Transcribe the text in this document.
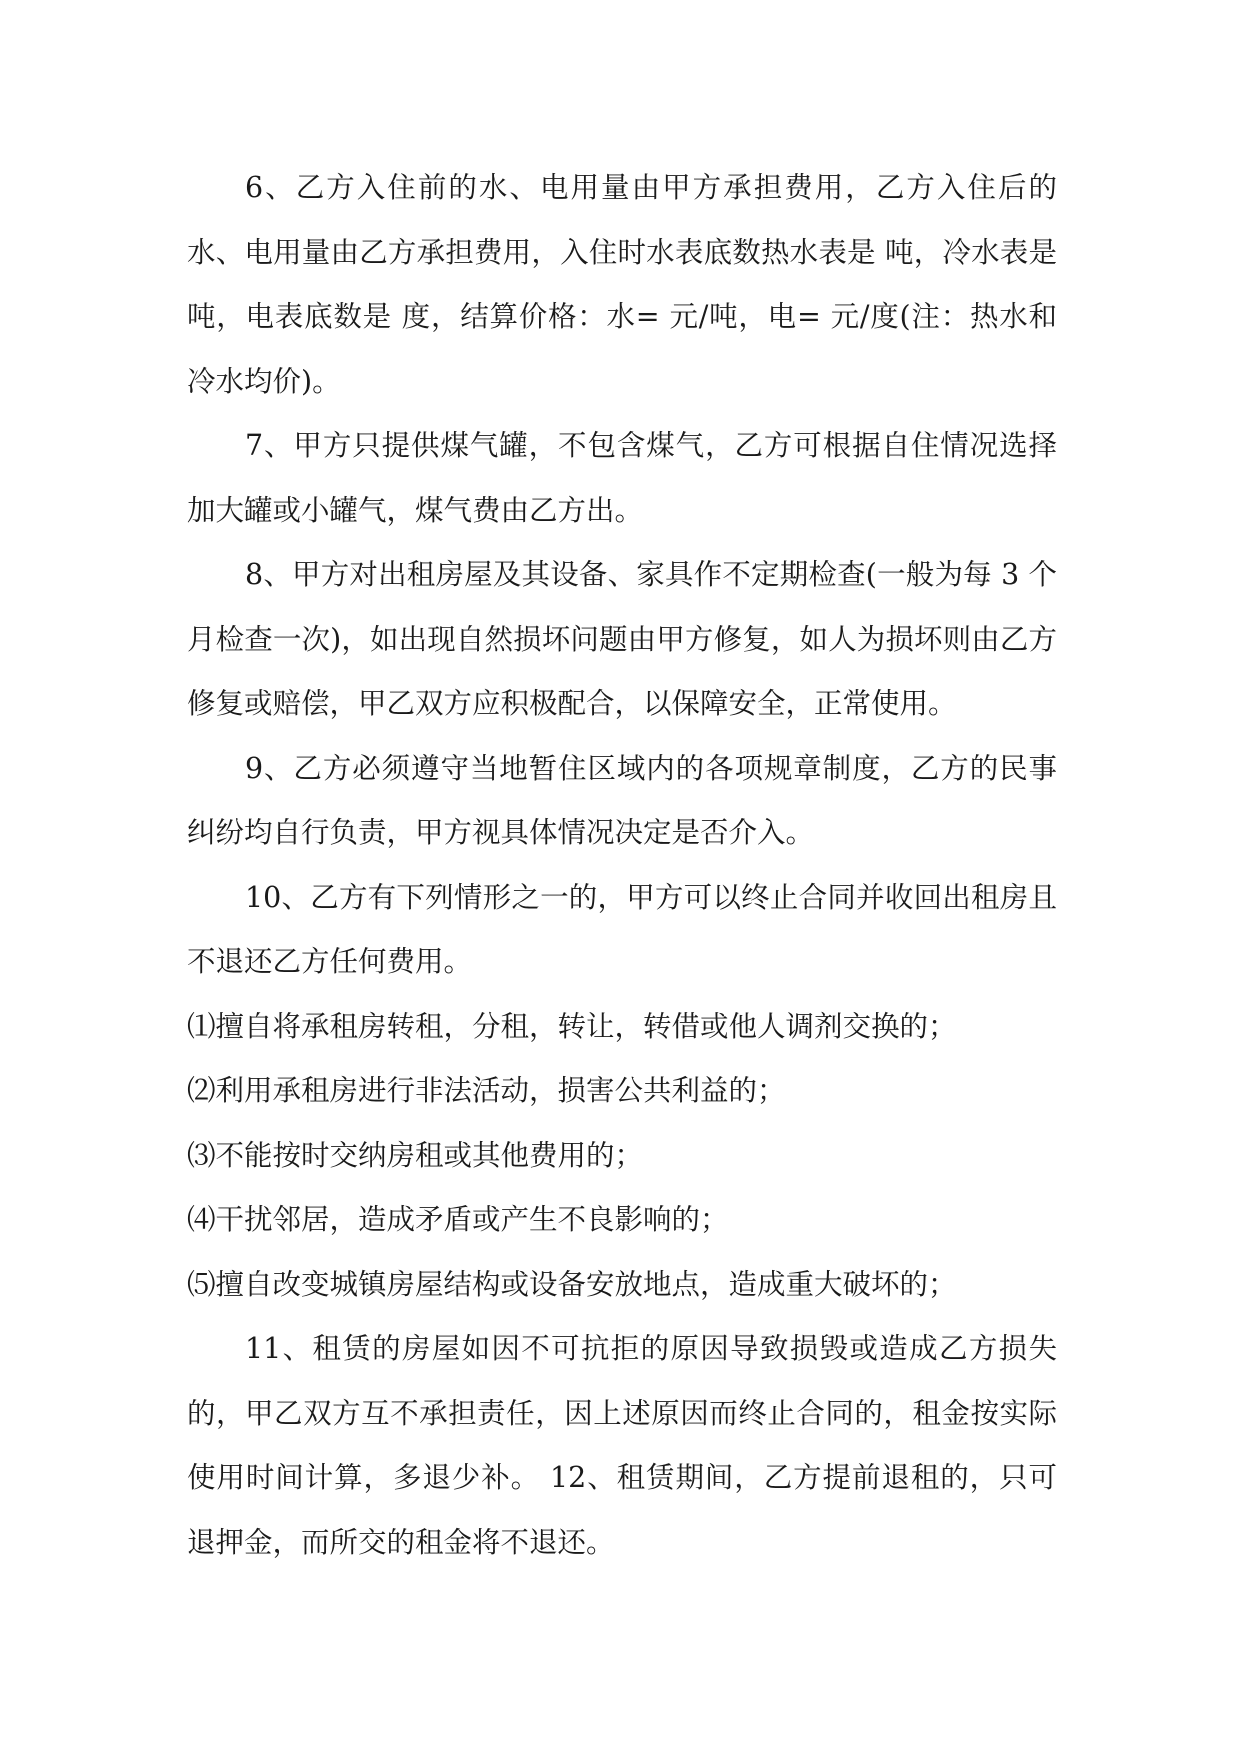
6、乙方入住前的水、电用量由甲方承担费用，乙方入住后的水、电用量由乙方承担费用，入住时水表底数热水表是 吨，冷水表是 吨，电表底数是 度，结算价格：水= 元/吨，电= 元/度(注：热水和冷水均价)。

7、甲方只提供煤气罐，不包含煤气，乙方可根据自住情况选择加大罐或小罐气，煤气费由乙方出。

8、甲方对出租房屋及其设备、家具作不定期检查(一般为每 3 个月检查一次)，如出现自然损坏问题由甲方修复，如人为损坏则由乙方修复或赔偿，甲乙双方应积极配合，以保障安全，正常使用。

9、乙方必须遵守当地暂住区域内的各项规章制度，乙方的民事纠纷均自行负责，甲方视具体情况决定是否介入。

10、乙方有下列情形之一的，甲方可以终止合同并收回出租房且不退还乙方任何费用。

⑴擅自将承租房转租，分租，转让，转借或他人调剂交换的；

⑵利用承租房进行非法活动，损害公共利益的；

⑶不能按时交纳房租或其他费用的；

⑷干扰邻居，造成矛盾或产生不良影响的；

⑸擅自改变城镇房屋结构或设备安放地点，造成重大破坏的；

11、租赁的房屋如因不可抗拒的原因导致损毁或造成乙方损失的，甲乙双方互不承担责任，因上述原因而终止合同的，租金按实际使用时间计算，多退少补。 12、租赁期间，乙方提前退租的，只可退押金，而所交的租金将不退还。
